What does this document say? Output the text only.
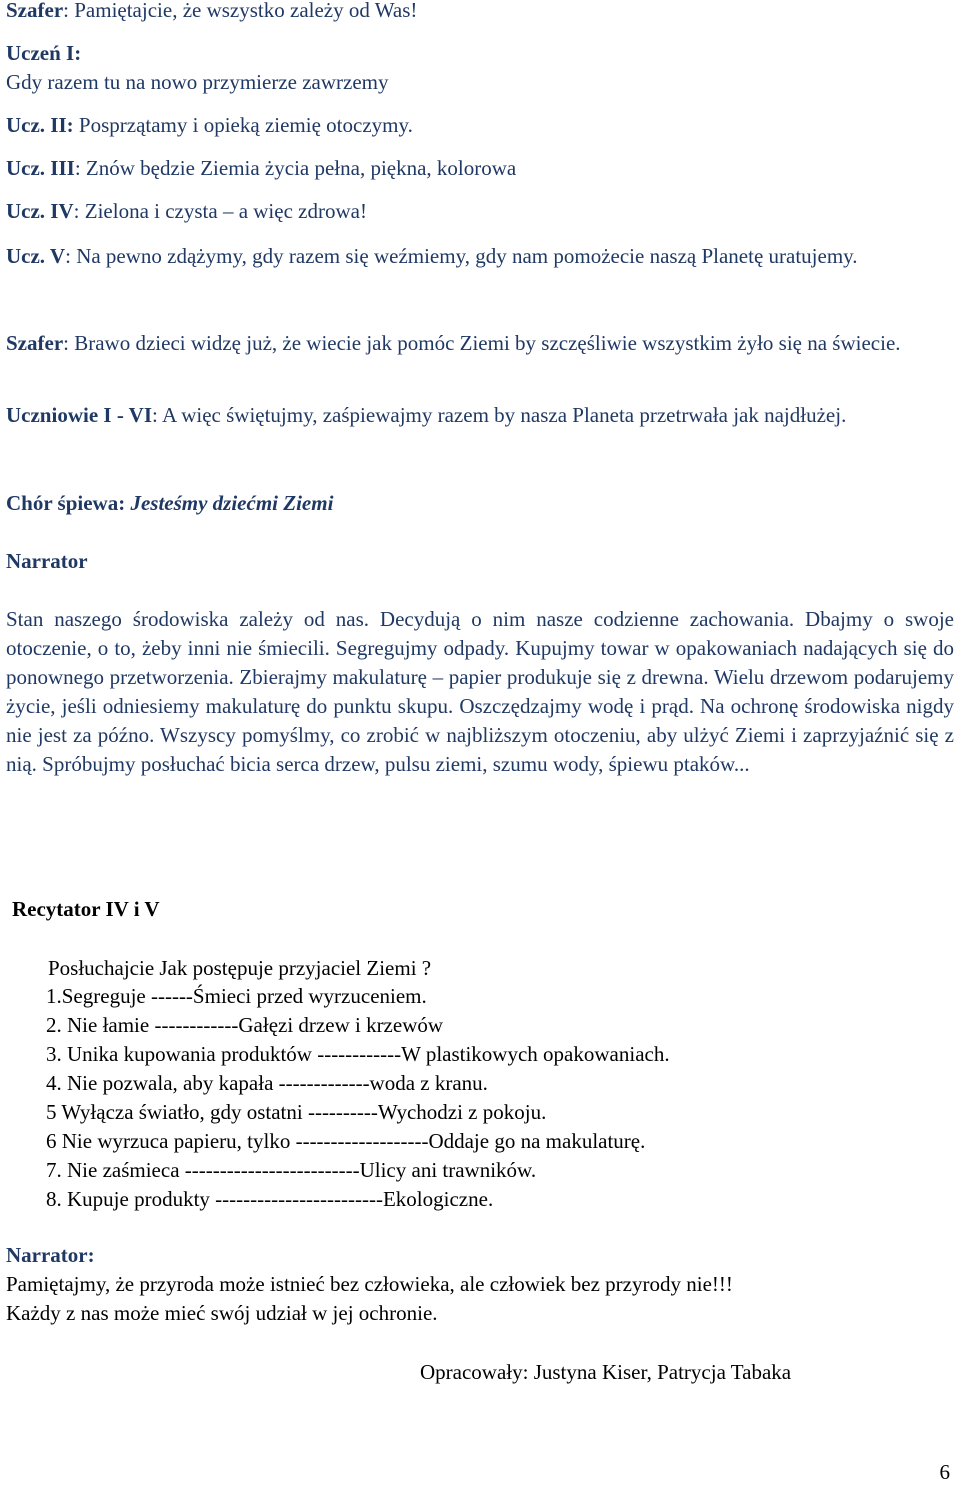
Szafer: Pamiętajcie, że wszystko zależy od Was!
Uczeń I:
Gdy razem tu na nowo przymierze zawrzemy
Ucz. II: Posprzątamy i opieką ziemię otoczymy.
Ucz. III: Znów będzie Ziemia życia pełna, piękna, kolorowa
Ucz. IV: Zielona i czysta – a więc zdrowa!
Ucz. V: Na pewno zdążymy, gdy razem się weźmiemy, gdy nam pomożecie naszą Planetę uratujemy.
Szafer: Brawo dzieci widzę już, że wiecie jak pomóc Ziemi by szczęśliwie wszystkim żyło się na świecie.
Uczniowie I - VI: A więc świętujmy, zaśpiewajmy razem by nasza Planeta przetrwała jak najdłużej.
Chór śpiewa: Jesteśmy dziećmi Ziemi
Narrator
Stan naszego środowiska zależy od nas. Decydują o nim nasze codzienne zachowania. Dbajmy o swoje otoczenie, o to, żeby inni nie śmiecili. Segregujmy odpady. Kupujmy towar w opakowaniach nadających się do ponownego przetworzenia. Zbierajmy makulaturę – papier produkuje się z drewna. Wielu drzewom podarujemy życie, jeśli odniesiemy makulaturę do punktu skupu. Oszczędzajmy wodę i prąd. Na ochronę środowiska nigdy nie jest za późno. Wszyscy pomyślmy, co zrobić w najbliższym otoczeniu, aby ulżyć Ziemi i zaprzyjaźnić się z nią. Spróbujmy posłuchać bicia serca drzew, pulsu ziemi, szumu wody, śpiewu ptaków...
Recytator IV i V
Posłuchajcie Jak postępuje przyjaciel Ziemi ?
1.Segreguje ------Śmieci przed wyrzuceniem.
2. Nie łamie ------------Gałęzi drzew i krzewów
3. Unika kupowania produktów ------------W plastikowych opakowaniach.
4. Nie pozwala, aby kapała -------------woda z kranu.
5 Wyłącza światło, gdy ostatni ----------Wychodzi z pokoju.
6 Nie wyrzuca papieru, tylko -------------------Oddaje go na makulaturę.
7. Nie zaśmieca -------------------------Ulicy ani trawników.
8. Kupuje produkty ------------------------Ekologiczne.
Narrator:
Pamiętajmy, że przyroda może istnieć bez człowieka, ale człowiek bez przyrody nie!!!
Każdy z nas może mieć swój udział w jej ochronie.
Opracowały: Justyna Kiser, Patrycja Tabaka
6
